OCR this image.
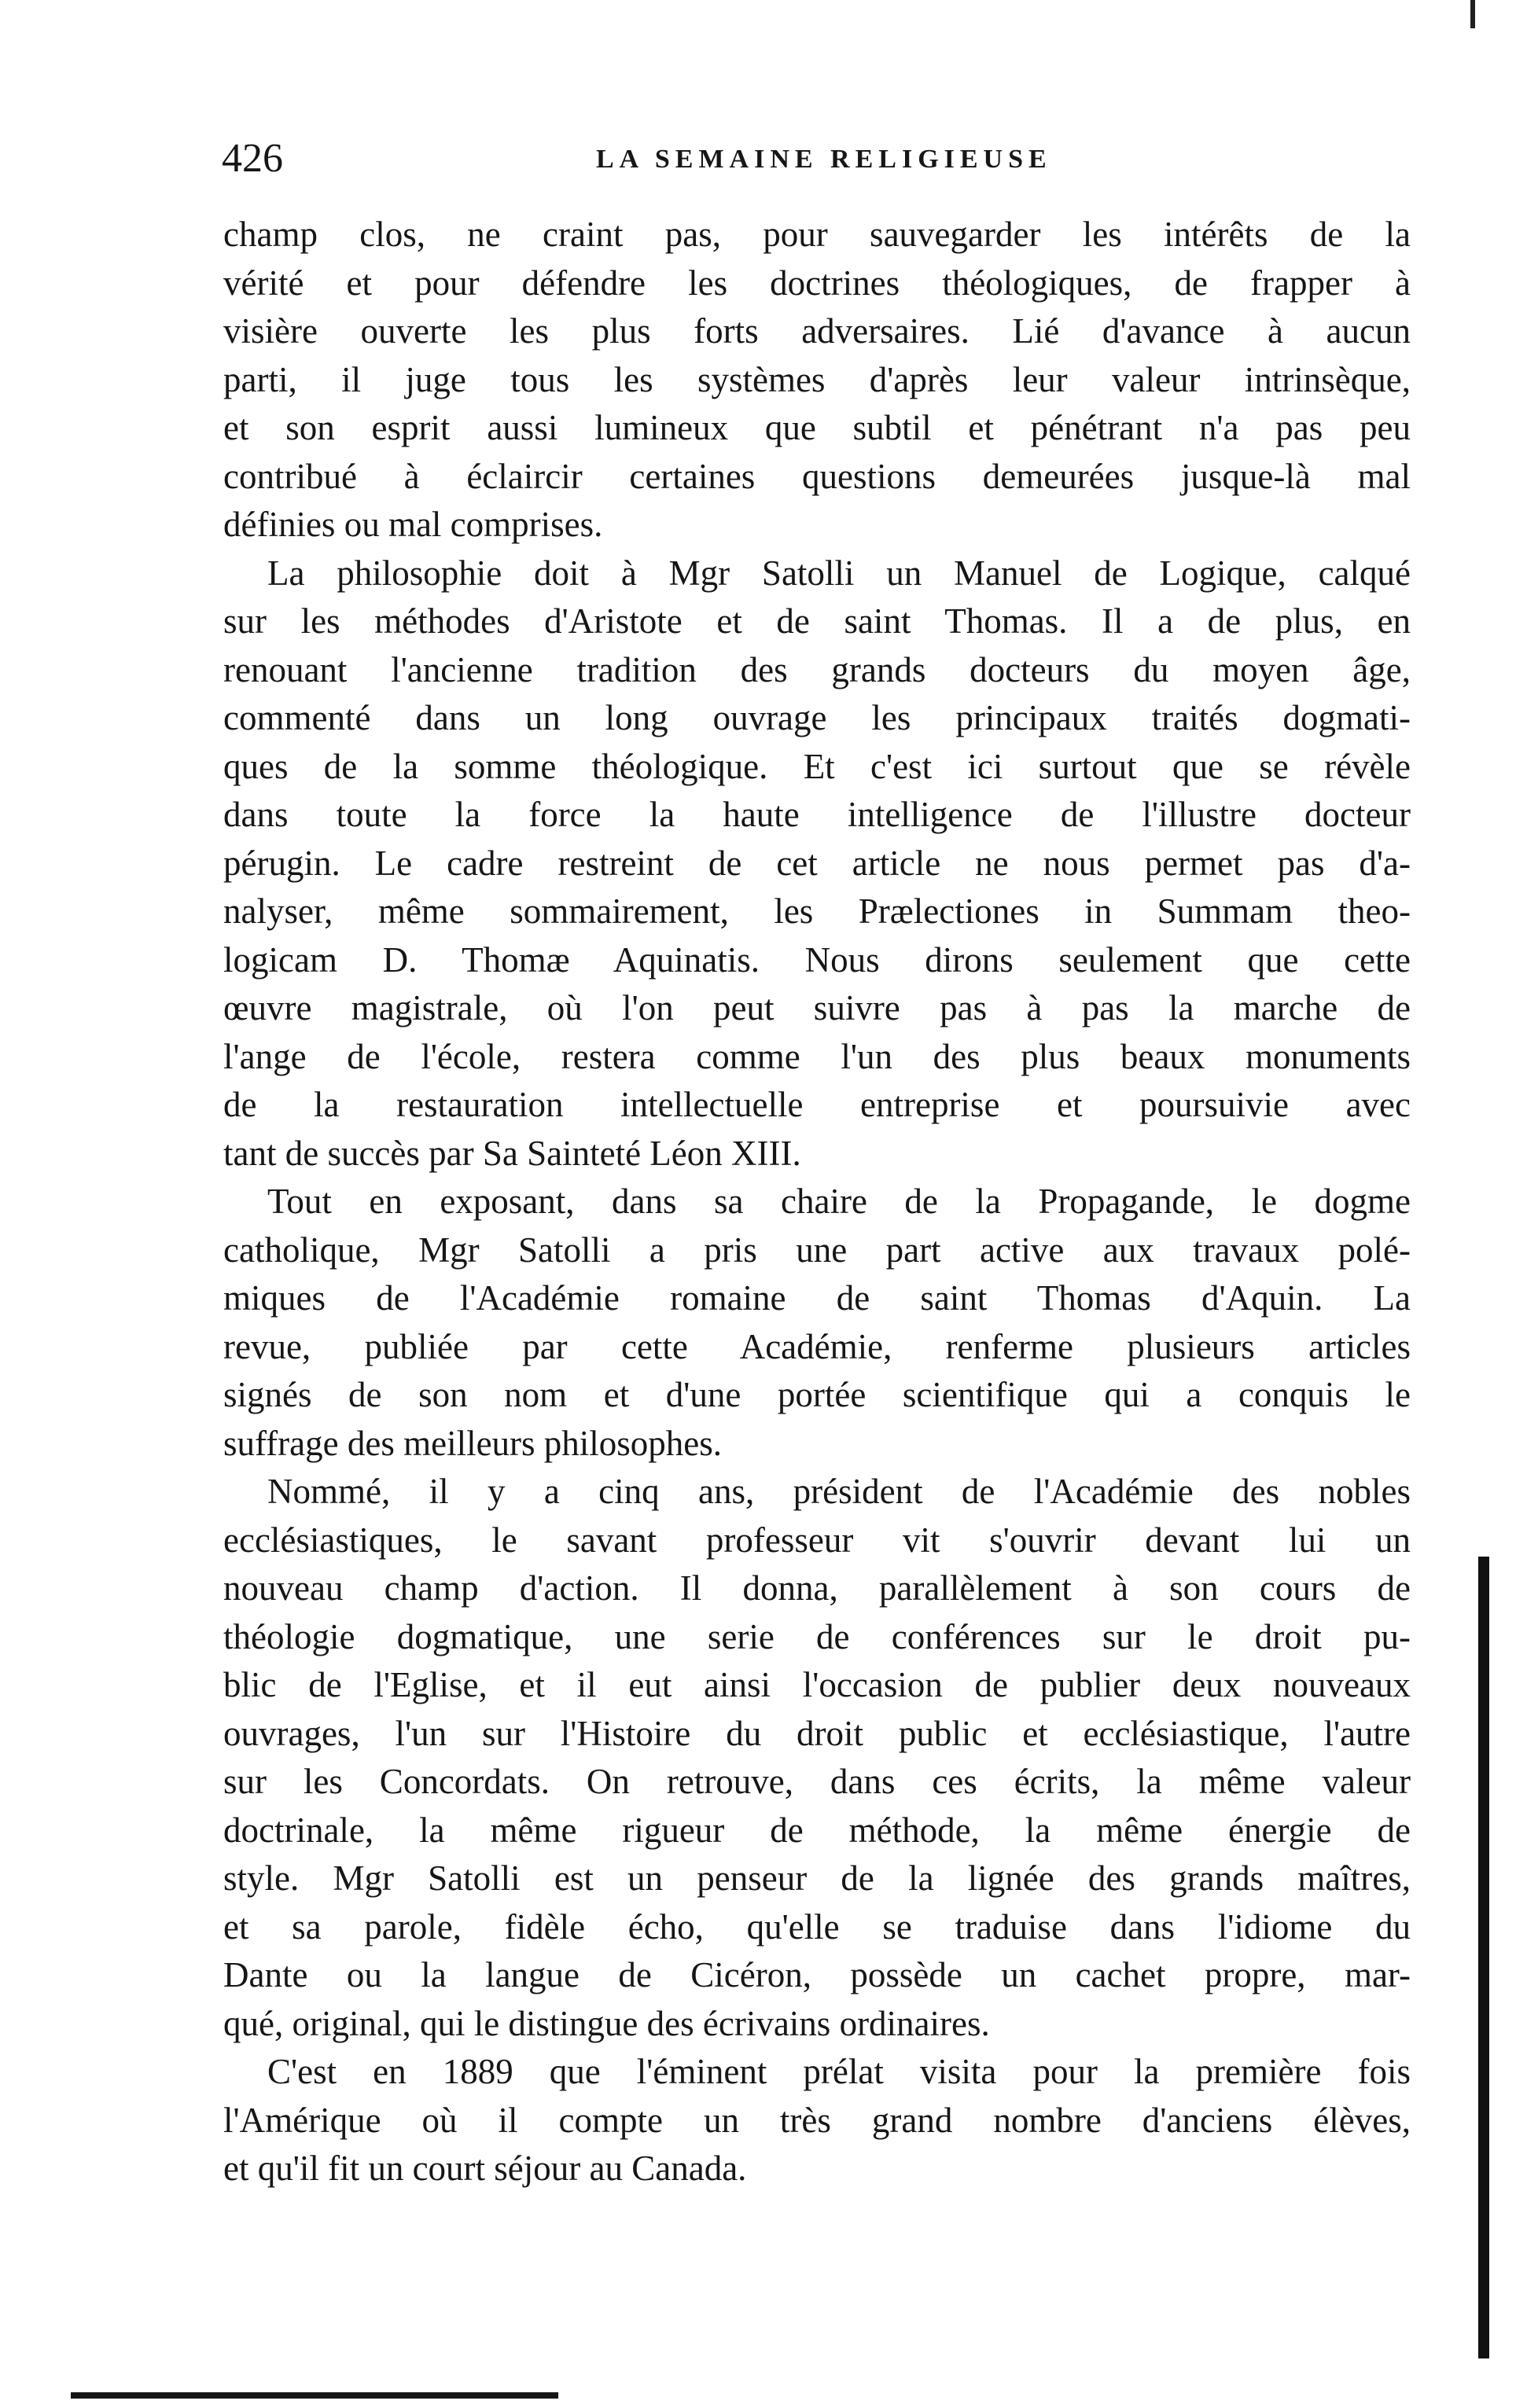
426	LA SEMAINE RELIGIEUSE
champ clos, ne craint pas, pour sauvegarder les intérêts de la
vérité et pour défendre les doctrines théologiques, de frapper à
visière ouverte les plus forts adversaires. Lié d'avance à aucun
parti, il juge tous les systèmes d'après leur valeur intrinsèque,
et son esprit aussi lumineux que subtil et pénétrant n'a pas peu
contribué à éclaircir certaines questions demeurées jusque-là mal
définies ou mal comprises.
La philosophie doit à Mgr Satolli un Manuel de Logique, calqué
sur les méthodes d'Aristote et de saint Thomas. Il a de plus, en
renouant l'ancienne tradition des grands docteurs du moyen âge,
commenté dans un long ouvrage les principaux traités dogmati-
ques de la somme théologique. Et c'est ici surtout que se révèle
dans toute la force la haute intelligence de l'illustre docteur
pérugin. Le cadre restreint de cet article ne nous permet pas d'a-
nalyser, même sommairement, les Prælectiones in Summam theo-
logicam D. Thomæ Aquinatis. Nous dirons seulement que cette
œuvre magistrale, où l'on peut suivre pas à pas la marche de
l'ange de l'école, restera comme l'un des plus beaux monuments
de la restauration intellectuelle entreprise et poursuivie avec
tant de succès par Sa Sainteté Léon XIII.
Tout en exposant, dans sa chaire de la Propagande, le dogme
catholique, Mgr Satolli a pris une part active aux travaux polé-
miques de l'Académie romaine de saint Thomas d'Aquin. La
revue, publiée par cette Académie, renferme plusieurs articles
signés de son nom et d'une portée scientifique qui a conquis le
suffrage des meilleurs philosophes.
Nommé, il y a cinq ans, président de l'Académie des nobles
ecclésiastiques, le savant professeur vit s'ouvrir devant lui un
nouveau champ d'action. Il donna, parallèlement à son cours de
théologie dogmatique, une serie de conférences sur le droit pu-
blic de l'Eglise, et il eut ainsi l'occasion de publier deux nouveaux
ouvrages, l'un sur l'Histoire du droit public et ecclésiastique, l'autre
sur les Concordats. On retrouve, dans ces écrits, la même valeur
doctrinale, la même rigueur de méthode, la même énergie de
style. Mgr Satolli est un penseur de la lignée des grands maîtres,
et sa parole, fidèle écho, qu'elle se traduise dans l'idiome du
Dante ou la langue de Cicéron, possède un cachet propre, mar-
qué, original, qui le distingue des écrivains ordinaires.
C'est en 1889 que l'éminent prélat visita pour la première fois
l'Amérique où il compte un très grand nombre d'anciens élèves,
et qu'il fit un court séjour au Canada.
